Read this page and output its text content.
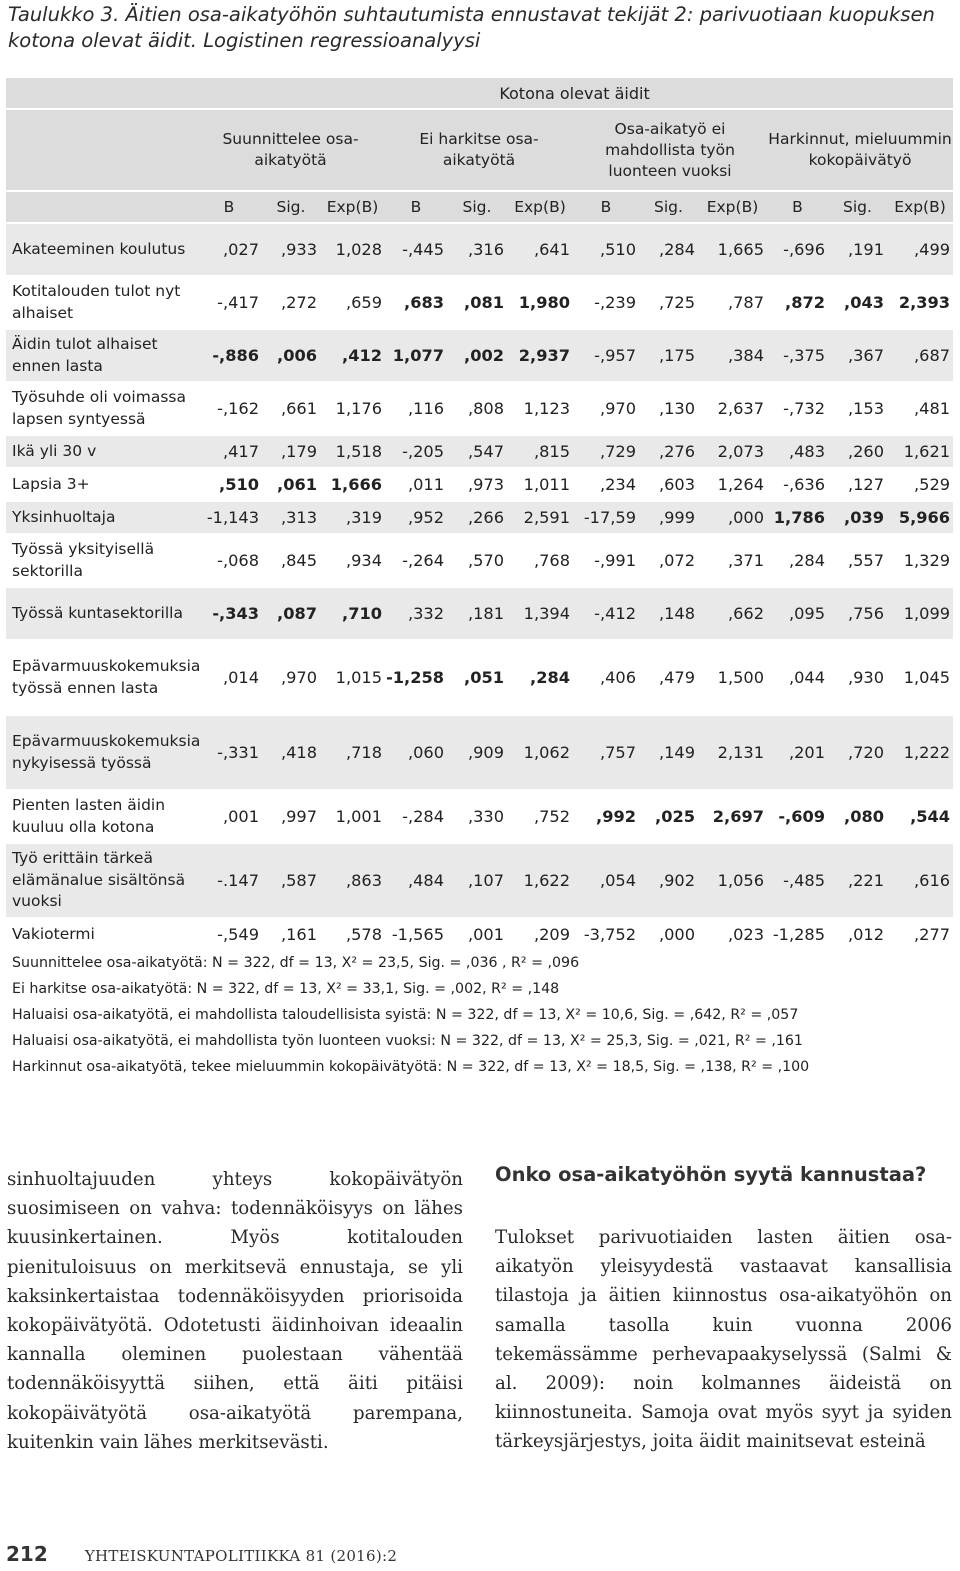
Taulukko 3. Äitien osa-aikatyöhön suhtautumista ennustavat tekijät 2: parivuotiaan kuopuksen kotona olevat äidit. Logistinen regressioanalyysi
	Kotona olevat äidit											
	Suunnittelee osa-aikatyötä			Ei harkitse osa-aikatyötä			Osa-aikatyö ei mahdollista työn luonteen vuoksi			Harkinnut, mieluummin kokopäivätyö		
	B	Sig.	Exp(B)	B	Sig.	Exp(B)	B	Sig.	Exp(B)	B	Sig.	Exp(B)
Akateeminen koulutus	,027	,933	1,028	-,445	,316	,641	,510	,284	1,665	-,696	,191	,499
Kotitalouden tulot nyt alhaiset	-,417	,272	,659	,683	,081	1,980	-,239	,725	,787	,872	,043	2,393
Äidin tulot alhaiset ennen lasta	-,886	,006	,412	1,077	,002	2,937	-,957	,175	,384	-,375	,367	,687
Työsuhde oli voimassa lapsen syntyessä	-,162	,661	1,176	,116	,808	1,123	,970	,130	2,637	-,732	,153	,481
Ikä yli 30 v	,417	,179	1,518	-,205	,547	,815	,729	,276	2,073	,483	,260	1,621
Lapsia 3+	,510	,061	1,666	,011	,973	1,011	,234	,603	1,264	-,636	,127	,529
Yksinhuoltaja	-1,143	,313	,319	,952	,266	2,591	-17,59	,999	,000	1,786	,039	5,966
Työssä yksityisellä sektorilla	-,068	,845	,934	-,264	,570	,768	-,991	,072	,371	,284	,557	1,329
Työssä kuntasektorilla	-,343	,087	,710	,332	,181	1,394	-,412	,148	,662	,095	,756	1,099
Epävarmuuskokemuksia työssä ennen lasta	,014	,970	1,015	-1,258	,051	,284	,406	,479	1,500	,044	,930	1,045
Epävarmuuskokemuksia nykyisessä työssä	-,331	,418	,718	,060	,909	1,062	,757	,149	2,131	,201	,720	1,222
Pienten lasten äidin kuuluu olla kotona	,001	,997	1,001	-,284	,330	,752	,992	,025	2,697	-,609	,080	,544
Työ erittäin tärkeä elämänalue sisältönsä vuoksi	-.147	,587	,863	,484	,107	1,622	,054	,902	1,056	-,485	,221	,616
Vakiotermi	-,549	,161	,578	-1,565	,001	,209	-3,752	,000	,023	-1,285	,012	,277
Suunnittelee osa-aikatyötä: N = 322, df = 13, X² = 23,5, Sig. = ,036 , R² = ,096
Ei harkitse osa-aikatyötä: N = 322, df = 13, X² = 33,1, Sig. = ,002, R² = ,148
Haluaisi osa-aikatyötä, ei mahdollista taloudellisista syistä: N = 322, df = 13, X² = 10,6, Sig. = ,642, R² = ,057
Haluaisi osa-aikatyötä, ei mahdollista työn luonteen vuoksi: N = 322, df = 13, X² = 25,3, Sig. = ,021, R² = ,161
Harkinnut osa-aikatyötä, tekee mieluummin kokopäivätyötä: N = 322, df = 13, X² = 18,5, Sig. = ,138, R² = ,100
sinhuoltajuuden yhteys kokopäivätyön suosimiseen on vahva: todennäköisyys on lähes kuusinkertainen. Myös kotitalouden pienituloisuus on merkitsevä ennustaja, se yli kaksinkertaistaa todennäköisyyden priorisoida kokopäivätyötä. Odotetusti äidinhoivan ideaalin kannalla oleminen puolestaan vähentää todennäköisyyttä siihen, että äiti pitäisi kokopäivätyötä osa-aikatyötä parempana, kuitenkin vain lähes merkitsevästi.
Onko osa-aikatyöhön syytä kannustaa?
Tulokset parivuotiaiden lasten äitien osa-aikatyön yleisyydestä vastaavat kansallisia tilastoja ja äitien kiinnostus osa-aikatyöhön on samalla tasolla kuin vuonna 2006 tekemässämme perhevapaakyselyssä (Salmi & al. 2009): noin kolmannes äideistä on kiinnostuneita. Samoja ovat myös syyt ja syiden tärkeysjärjestys, joita äidit mainitsevat esteinä
212 YHTEISKUNTAPOLITIIKKA 81 (2016):2
